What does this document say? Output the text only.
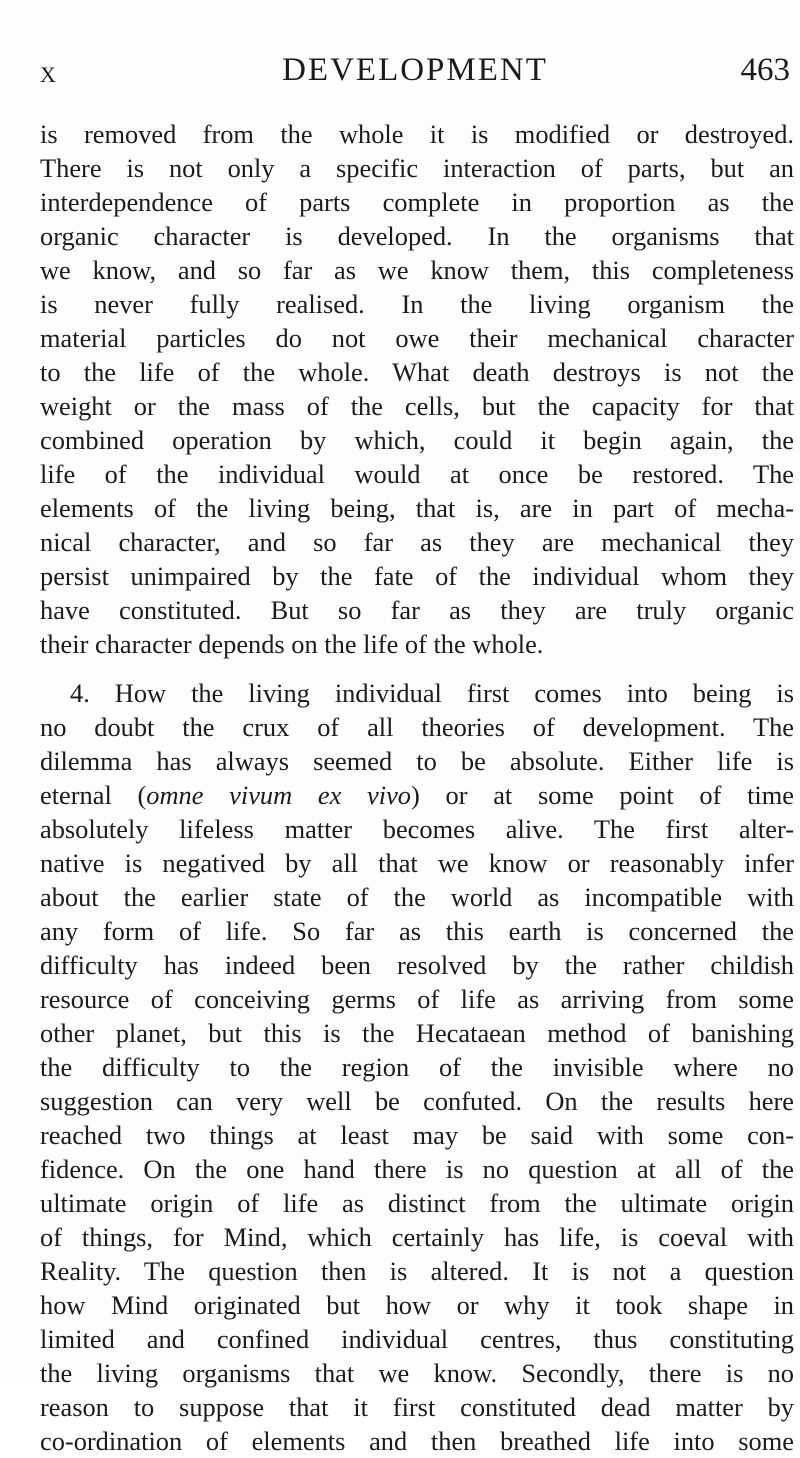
X	DEVELOPMENT	463
is removed from the whole it is modified or destroyed.
There is not only a specific interaction of parts, but an
interdependence of parts complete in proportion as the
organic character is developed. In the organisms that
we know, and so far as we know them, this completeness
is never fully realised. In the living organism the
material particles do not owe their mechanical character
to the life of the whole. What death destroys is not the
weight or the mass of the cells, but the capacity for that
combined operation by which, could it begin again, the
life of the individual would at once be restored. The
elements of the living being, that is, are in part of mecha-
nical character, and so far as they are mechanical they
persist unimpaired by the fate of the individual whom they
have constituted. But so far as they are truly organic
their character depends on the life of the whole.
4. How the living individual first comes into being is
no doubt the crux of all theories of development. The
dilemma has always seemed to be absolute. Either life is
eternal (omne vivum ex vivo) or at some point of time
absolutely lifeless matter becomes alive. The first alter-
native is negatived by all that we know or reasonably infer
about the earlier state of the world as incompatible with
any form of life. So far as this earth is concerned the
difficulty has indeed been resolved by the rather childish
resource of conceiving germs of life as arriving from some
other planet, but this is the Hecataean method of banishing
the difficulty to the region of the invisible where no
suggestion can very well be confuted. On the results here
reached two things at least may be said with some con-
fidence. On the one hand there is no question at all of the
ultimate origin of life as distinct from the ultimate origin
of things, for Mind, which certainly has life, is coeval with
Reality. The question then is altered. It is not a question
how Mind originated but how or why it took shape in
limited and confined individual centres, thus constituting
the living organisms that we know. Secondly, there is no
reason to suppose that it first constituted dead matter by
co-ordination of elements and then breathed life into some
